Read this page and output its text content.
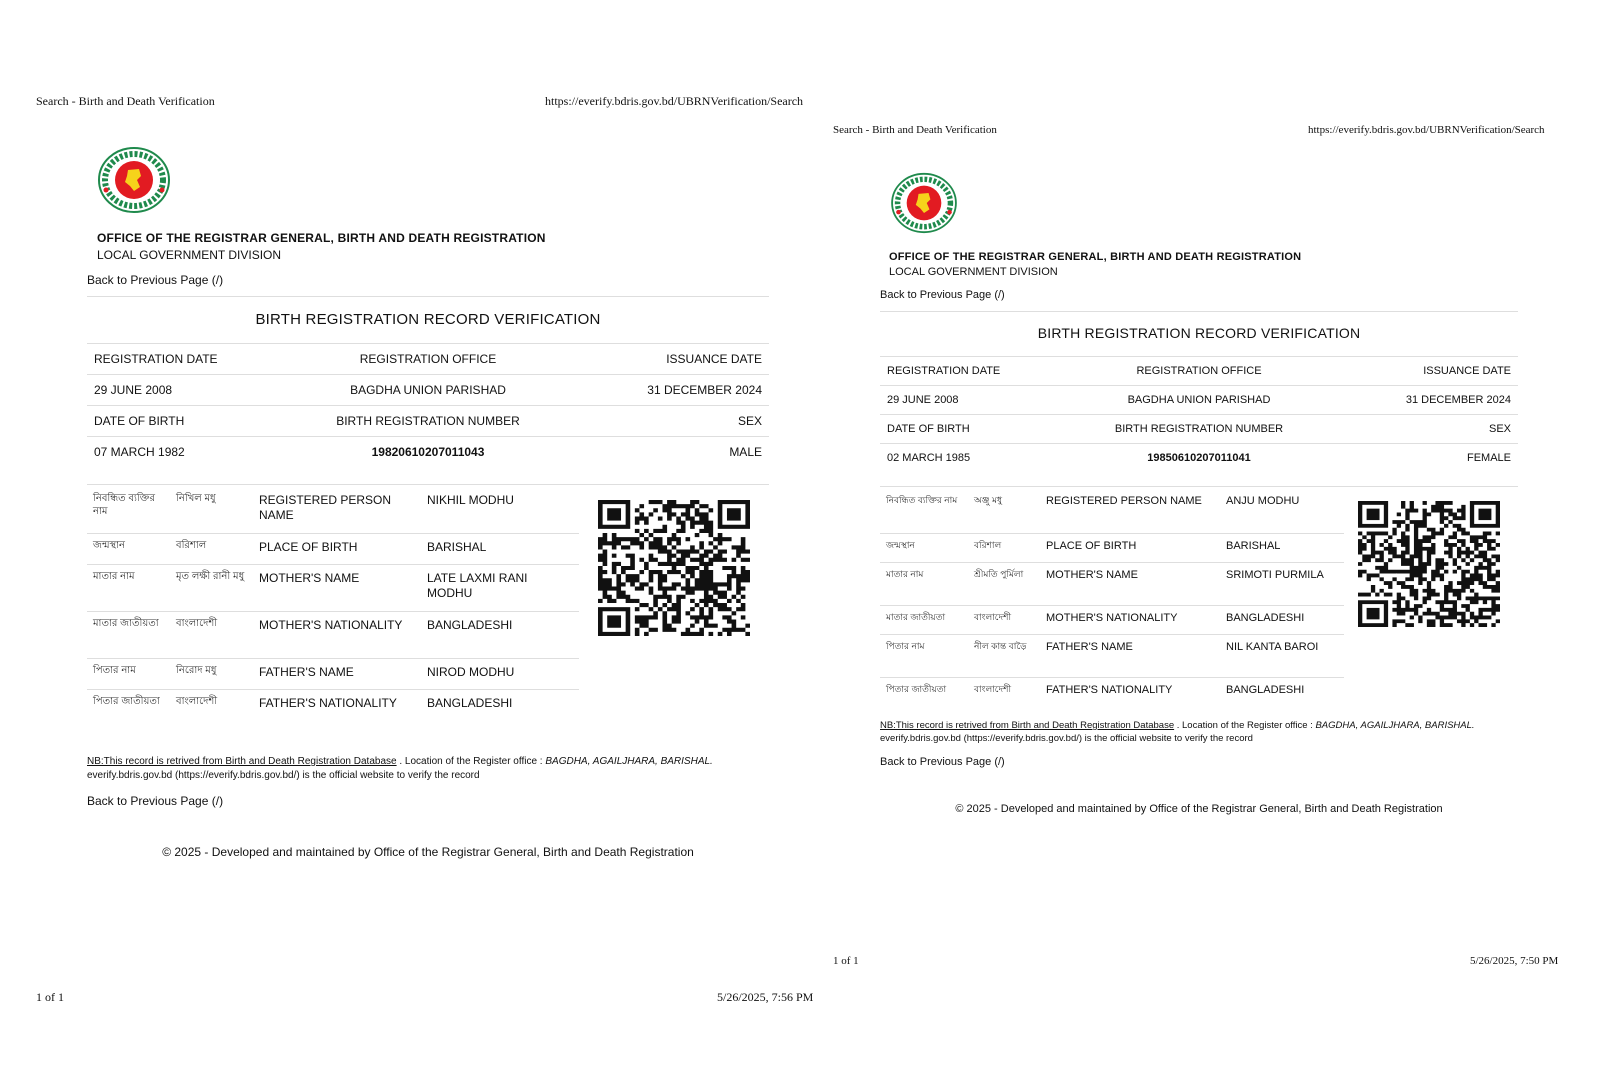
Search - Birth and Death Verification	https://everify.bdris.gov.bd/UBRNVerification/Search
OFFICE OF THE REGISTRAR GENERAL, BIRTH AND DEATH REGISTRATION
LOCAL GOVERNMENT DIVISION
Back to Previous Page (/)
BIRTH REGISTRATION RECORD VERIFICATION
REGISTRATION DATE	REGISTRATION OFFICE	ISSUANCE DATE
29 JUNE 2008	BAGDHA UNION PARISHAD	31 DECEMBER 2024
DATE OF BIRTH	BIRTH REGISTRATION NUMBER	SEX
07 MARCH 1982	19820610207011043	MALE
নিবন্ধিত ব্যক্তির নাম	নিখিল মধু	REGISTERED PERSON NAME	NIKHIL MODHU
জন্মস্থান	বরিশাল	PLACE OF BIRTH	BARISHAL
মাতার নাম	মৃত লক্ষী রানী মধু	MOTHER'S NAME	LATE LAXMI RANI MODHU
মাতার জাতীয়তা	বাংলাদেশী	MOTHER'S NATIONALITY	BANGLADESHI
পিতার নাম	নিরোদ মধু	FATHER'S NAME	NIROD MODHU
পিতার জাতীয়তা	বাংলাদেশী	FATHER'S NATIONALITY	BANGLADESHI
NB:This record is retrived from Birth and Death Registration Database . Location of the Register office : BAGDHA, AGAILJHARA, BARISHAL. everify.bdris.gov.bd (https://everify.bdris.gov.bd/) is the official website to verify the record
Back to Previous Page (/)
© 2025 - Developed and maintained by Office of the Registrar General, Birth and Death Registration
1 of 1	5/26/2025, 7:56 PM
Search - Birth and Death Verification	https://everify.bdris.gov.bd/UBRNVerification/Search
OFFICE OF THE REGISTRAR GENERAL, BIRTH AND DEATH REGISTRATION
LOCAL GOVERNMENT DIVISION
Back to Previous Page (/)
BIRTH REGISTRATION RECORD VERIFICATION
REGISTRATION DATE	REGISTRATION OFFICE	ISSUANCE DATE
29 JUNE 2008	BAGDHA UNION PARISHAD	31 DECEMBER 2024
DATE OF BIRTH	BIRTH REGISTRATION NUMBER	SEX
02 MARCH 1985	19850610207011041	FEMALE
নিবন্ধিত ব্যক্তির নাম	অঞ্জু মধু	REGISTERED PERSON NAME	ANJU MODHU
জন্মস্থান	বরিশাল	PLACE OF BIRTH	BARISHAL
মাতার নাম	শ্রীমতি পুর্মিলা	MOTHER'S NAME	SRIMOTI PURMILA
মাতার জাতীয়তা	বাংলাদেশী	MOTHER'S NATIONALITY	BANGLADESHI
পিতার নাম	নীল কান্ত বাড়ৈ	FATHER'S NAME	NIL KANTA BAROI
পিতার জাতীয়তা	বাংলাদেশী	FATHER'S NATIONALITY	BANGLADESHI
NB:This record is retrived from Birth and Death Registration Database . Location of the Register office : BAGDHA, AGAILJHARA, BARISHAL. everify.bdris.gov.bd (https://everify.bdris.gov.bd/) is the official website to verify the record
Back to Previous Page (/)
© 2025 - Developed and maintained by Office of the Registrar General, Birth and Death Registration
1 of 1	5/26/2025, 7:50 PM
